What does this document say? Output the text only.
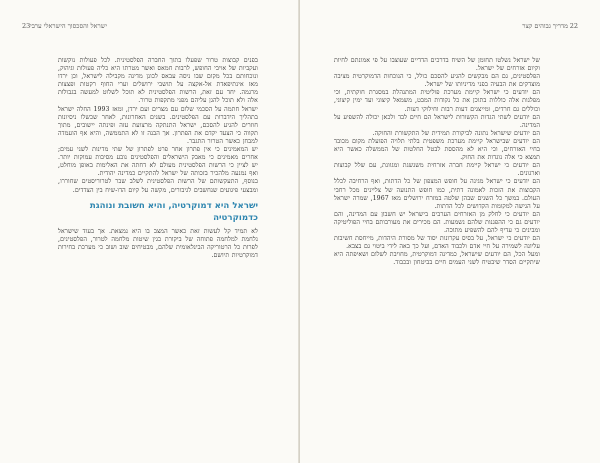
23 ישראל והסכסוך הישראלי ערבי

בפנים קבוצות טרור שפעלו בתוך החברה הפלסטינית. לכל פעולות נוקשות ועקביות של אויבי החופש, לרבות חמאס ואשר מטרתו היא כליה פעולות וגיהוק, ונוכחותם בכל מקום שבו ניסה עבאס לכונן מדינה מקבילה לישראל, וכן ירדו מאז אינתיפאדת אל-אקצה על תושבי ירושלים וערי החוף רקטות ופצצות מרגמה. יחד עם זאת, הרשות הפלסטינית לא תוכל לשלוט למעשה בגבולות אלה ולא תוכל להגן עליהם מפני מתקפות טרור.

ישראל חתמה על הסכמי שלום עם מצרים ועם ירדן, ומאז 1993 החלה ישראל בתהליך הידברות עם הפלסטינים. בשנים האחרונות, לאחר שכשלו ניסיונות חוזרים להגיע להסכם, ישראל התנתקה מרצועת עזה ופינתה יישובים, מתוך תקווה כי הצעד יקדם את הפתרון. אך הבנה זו לא התממשה, והיא אף הועמדה למבחן כאשר הטרור התגבר.

יש המאמינים כי אין פתרון אחר פרט לפתרון של שתי מדינות לשני עמים; אחרים מאמינים כי מאבק הישראלים והפלסטינים נובע מסיבות עמוקות יותר. יש לציין כי הרשות הפלסטינית מעולם לא דחתה את האלימות באופן מוחלט, ואף נמנעה מלהכיר בזכותה של ישראל להתקיים כמדינה יהודית.

בנוסף, התעקשותם של הרשות הפלסטינית לשלב שבר לטרוריסטים שחוררו, ומבצעי פיגועים שנחשבים לגיבורים, מקשה על קיום הדו-שיח בין הצדדים.

ישראל היא דמוקרטיה, והיא חשובת ונוהגת כדמוקרטיה

לא תמיד קל לעשות זאת כאשר המצב בו היא נמצאת. אך בעוד שישראל נלחמת למלחמה פתוחה של ביקורת בגין שיטות מלחמה לטרור, הפלסטינים, לפרות כל הרטוריקה הבינלאומית שלהם, מבטיחים שוב ושוב כי מערכת בחירות דמוקרטיות תיושם.

22
מדריך גבוהים קצר

של ישראל נשלטו תחומן של השיח בדרכים הדדיים שעוצבו על פי אמונתם לחיות וקיום אזרחים של ישראל.

הפלסטינים, גם הם מבקשים להגיע להסכם כולל, כי הנוכחות הדמוקרטית מציבה מוצדקים את הבעיה בפני מדיניותו של ישראל.

הם יודעים כי ישראל קיימת מערכת פוליטית המתנהלת במסגרת חוקתית, וכי מפלגות אלה כוללות בתוכן את כל נקודות המבט, משמאל קיצוני ועד ימין קיצוני, וכוללים גם חרדים, ומייצגים דעות רבות וחילוקי דעות.

הם יודעים לשתי הגדות הקשורות לישראל הם חיים לבד ולכאן יכולה להשפיע על המדינה.

הם יודעים שישראל נתונה לביקורת תמידית של התקשורת והחוקה.

הם יודעים שבישראל קיימת מערכת משפטית בלתי תלויה הפועלת מקום מכובד בחיי האזרחים, וכי היא לא מהססת לבטל החלטות של הממשלה כאשר היא תמצא כי אלה נוגדות את החוק.

הם יודעים כי ישראל קיימת חברה אזרחית משגשגת ומגוונת, עם שלל קבוצות וארגונים.

הם יודעים כי ישראל מגינה על חופש המצפון של כל הדתות, ואף הרחיבה לכלל הקבוצות את הזכות לאמונה דתית, כמו חופש התנועה של צליינים מכל רחבי העולם. במשך כל השנים שבהן שלטה במזרח ירושלים מאז 1967, שמרה ישראל על הגישה למקומות הקדושים לכל הדתות.

הם יודעים כי לחלק מן האזרחים הערבים בישראל יש חשבון עם המדינה, והם יודעים גם כי ההפגנות שלהם נשמעות. הם מכירים את מעורבותם בחיי הפוליטיקה ומבינים כי עדיף להם להשפיע מתוכה.

הם יודעים כי ישראל, על בסיס עקרונות יסוד של מסורת היהדות, מייחסת חשיבות עליונה לשמירה על חיי אדם ולכבוד האדם, ועל כך באה לידי ביטוי גם בצבא.

ומעל הכל, הם יודעים שישראל, כמדינה דמוקרטית, מחויבת לשלום ושאיפתה היא שיתקיים הסדר שיבטיח לשני העמים חיים בביטחון ובכבוד.
